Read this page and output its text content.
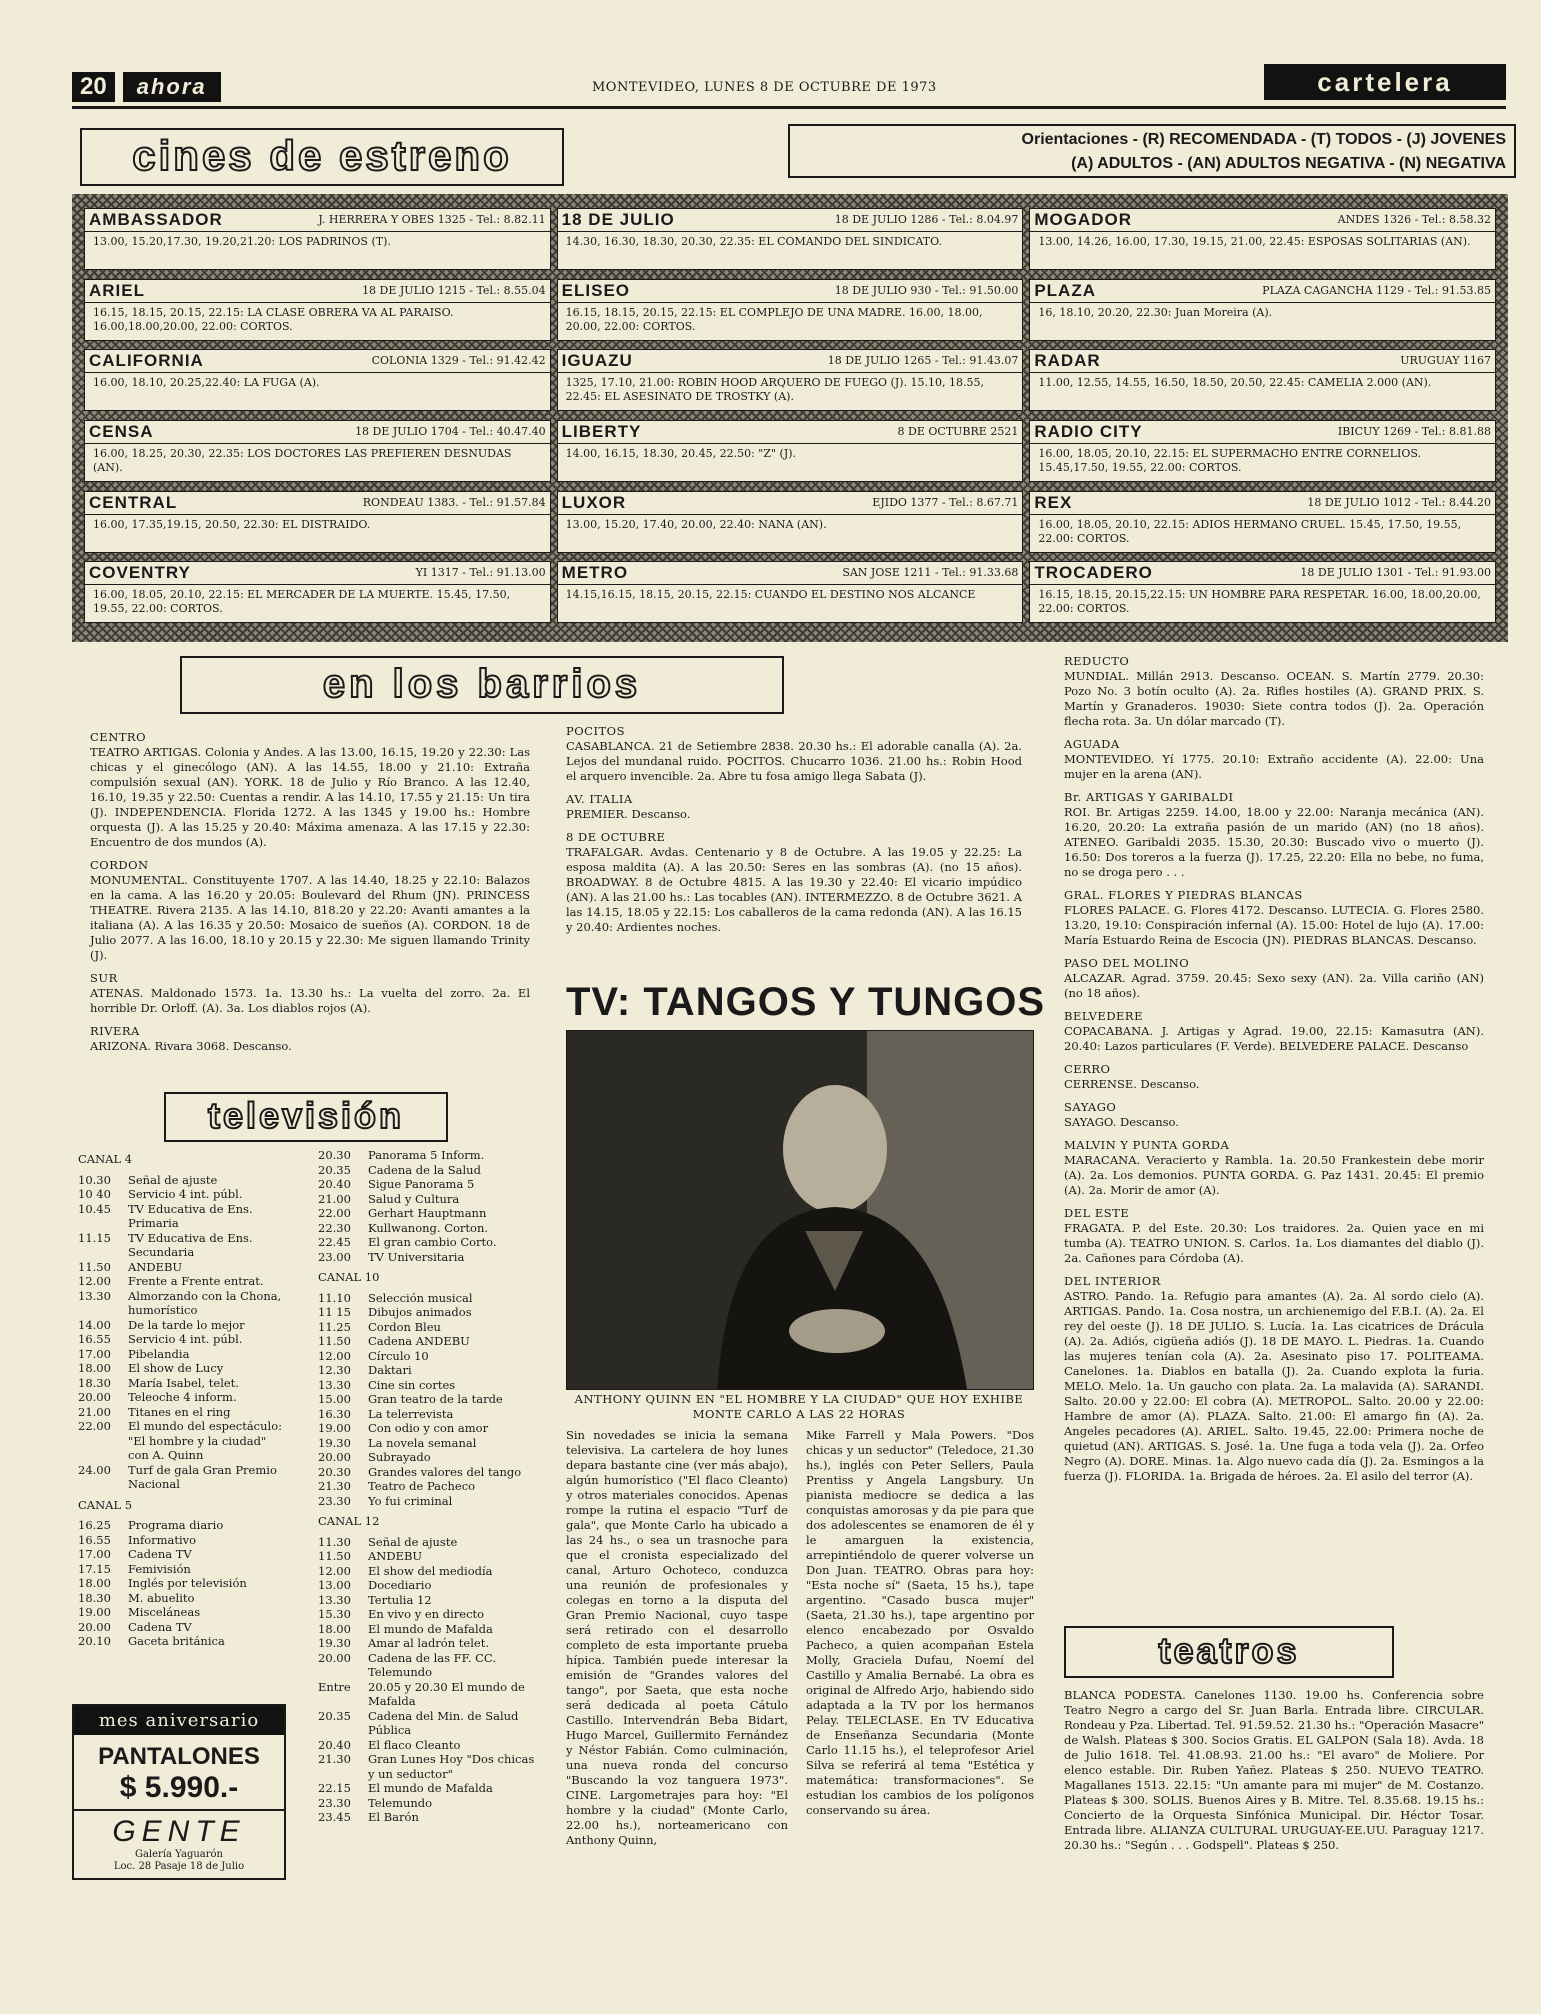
20	ahora	MONTEVIDEO, LUNES 8 DE OCTUBRE DE 1973	cartelera
cines de estreno	Orientaciones - (R) RECOMENDADA - (T) TODOS - (J) JOVENES
(A) ADULTOS - (AN) ADULTOS NEGATIVA - (N) NEGATIVA
AMBASSADOR	J. HERRERA Y OBES 1325 - Tel.: 8.82.11
13.00, 15.20,17.30, 19.20,21.20: LOS PADRINOS (T).
18 DE JULIO	18 DE JULIO 1286 - Tel.: 8.04.97
14.30, 16.30, 18.30, 20.30, 22.35: EL COMANDO DEL SINDICATO.
MOGADOR	ANDES 1326 - Tel.: 8.58.32
13.00, 14.26, 16.00, 17.30, 19.15, 21.00, 22.45: ESPOSAS SOLITARIAS (AN).
ARIEL	18 DE JULIO 1215 - Tel.: 8.55.04
16.15, 18.15, 20.15, 22.15: LA CLASE OBRERA VA AL PARAISO. 16.00,18.00,20.00, 22.00: CORTOS.
ELISEO	18 DE JULIO 930 - Tel.: 91.50.00
16.15, 18.15, 20.15, 22.15: EL COMPLEJO DE UNA MADRE. 16.00, 18.00, 20.00, 22.00: CORTOS.
PLAZA	PLAZA CAGANCHA 1129 - Tel.: 91.53.85
16, 18.10, 20.20, 22.30: Juan Moreira (A).
CALIFORNIA	COLONIA 1329 - Tel.: 91.42.42
16.00, 18.10, 20.25,22.40: LA FUGA (A).
IGUAZU	18 DE JULIO 1265 - Tel.: 91.43.07
1325, 17.10, 21.00: ROBIN HOOD ARQUERO DE FUEGO (J). 15.10, 18.55, 22.45: EL ASESINATO DE TROSTKY (A).
RADAR	URUGUAY 1167
11.00, 12.55, 14.55, 16.50, 18.50, 20.50, 22.45: CAMELIA 2.000 (AN).
CENSA	18 DE JULIO 1704 - Tel.: 40.47.40
16.00, 18.25, 20.30, 22.35: LOS DOCTORES LAS PREFIEREN DESNUDAS (AN).
LIBERTY	8 DE OCTUBRE 2521
14.00, 16.15, 18.30, 20.45, 22.50: "Z" (J).
RADIO CITY	IBICUY 1269 - Tel.: 8.81.88
16.00, 18.05, 20.10, 22.15: EL SUPERMACHO ENTRE CORNELIOS. 15.45,17.50, 19.55, 22.00: CORTOS.
CENTRAL	RONDEAU 1383. - Tel.: 91.57.84
16.00, 17.35,19.15, 20.50, 22.30: EL DISTRAIDO.
LUXOR	EJIDO 1377 - Tel.: 8.67.71
13.00, 15.20, 17.40, 20.00, 22.40: NANA (AN).
REX	18 DE JULIO 1012 - Tel.: 8.44.20
16.00, 18.05, 20.10, 22.15: ADIOS HERMANO CRUEL. 15.45, 17.50, 19.55, 22.00: CORTOS.
COVENTRY	YI 1317 - Tel.: 91.13.00
16.00, 18.05, 20.10, 22.15: EL MERCADER DE LA MUERTE. 15.45, 17.50, 19.55, 22.00: CORTOS.
METRO	SAN JOSE 1211 - Tel.: 91.33.68
14.15,16.15, 18.15, 20.15, 22.15: CUANDO EL DESTINO NOS ALCANCE
TROCADERO	18 DE JULIO 1301 - Tel.: 91.93.00
16.15, 18.15, 20.15,22.15: UN HOMBRE PARA RESPETAR. 16.00, 18.00,20.00, 22.00: CORTOS.
en los barrios
CENTRO

TEATRO ARTIGAS. Colonia y Andes. A las 13.00, 16.15, 19.20 y 22.30: Las chicas y el ginecólogo (AN). A las 14.55, 18.00 y 21.10: Extraña compulsión sexual (AN). YORK. 18 de Julio y Río Branco. A las 12.40, 16.10, 19.35 y 22.50: Cuentas a rendir. A las 14.10, 17.55 y 21.15: Un tira (J). INDEPENDENCIA. Florida 1272. A las 1345 y 19.00 hs.: Hombre orquesta (J). A las 15.25 y 20.40: Máxima amenaza. A las 17.15 y 22.30: Encuentro de dos mundos (A).

CORDON

MONUMENTAL. Constituyente 1707. A las 14.40, 18.25 y 22.10: Balazos en la cama. A las 16.20 y 20.05: Boulevard del Rhum (JN). PRINCESS THEATRE. Rivera 2135. A las 14.10, 818.20 y 22.20: Avanti amantes a la italiana (A). A las 16.35 y 20.50: Mosaico de sueños (A). CORDON. 18 de Julio 2077. A las 16.00, 18.10 y 20.15 y 22.30: Me siguen llamando Trinity (J).

SUR

ATENAS. Maldonado 1573. 1a. 13.30 hs.: La vuelta del zorro. 2a. El horrible Dr. Orloff. (A). 3a. Los diablos rojos (A).

RIVERA

ARIZONA. Rivara 3068. Descanso.

POCITOS

CASABLANCA. 21 de Setiembre 2838. 20.30 hs.: El adorable canalla (A). 2a. Lejos del mundanal ruido. POCITOS. Chucarro 1036. 21.00 hs.: Robin Hood el arquero invencible. 2a. Abre tu fosa amigo llega Sabata (J).

AV. ITALIA

PREMIER. Descanso.

8 DE OCTUBRE

TRAFALGAR. Avdas. Centenario y 8 de Octubre. A las 19.05 y 22.25: La esposa maldita (A). A las 20.50: Seres en las sombras (A). (no 15 años). BROADWAY. 8 de Octubre 4815. A las 19.30 y 22.40: El vicario impúdico (AN). A las 21.00 hs.: Las tocables (AN). INTERMEZZO. 8 de Octubre 3621. A las 14.15, 18.05 y 22.15: Los caballeros de la cama redonda (AN). A las 16.15 y 20.40: Ardientes noches.

REDUCTO

MUNDIAL. Millán 2913. Descanso. OCEAN. S. Martín 2779. 20.30: Pozo No. 3 botín oculto (A). 2a. Rifles hostiles (A). GRAND PRIX. S. Martín y Granaderos. 19030: Siete contra todos (J). 2a. Operación flecha rota. 3a. Un dólar marcado (T).

AGUADA

MONTEVIDEO. Yí 1775. 20.10: Extraño accidente (A). 22.00: Una mujer en la arena (AN).

Br. ARTIGAS Y GARIBALDI

ROI. Br. Artigas 2259. 14.00, 18.00 y 22.00: Naranja mecánica (AN). 16.20, 20.20: La extraña pasión de un marido (AN) (no 18 años). ATENEO. Garibaldi 2035. 15.30, 20.30: Buscado vivo o muerto (J). 16.50: Dos toreros a la fuerza (J). 17.25, 22.20: Ella no bebe, no fuma, no se droga pero . . .

GRAL. FLORES Y PIEDRAS BLANCAS

FLORES PALACE. G. Flores 4172. Descanso. LUTECIA. G. Flores 2580. 13.20, 19.10: Conspiración infernal (A). 15.00: Hotel de lujo (A). 17.00: María Estuardo Reina de Escocia (JN). PIEDRAS BLANCAS. Descanso.

PASO DEL MOLINO

ALCAZAR. Agrad. 3759. 20.45: Sexo sexy (AN). 2a. Villa cariño (AN) (no 18 años).

BELVEDERE

COPACABANA. J. Artigas y Agrad. 19.00, 22.15: Kamasutra (AN). 20.40: Lazos particulares (F. Verde). BELVEDERE PALACE. Descanso

CERRO

CERRENSE. Descanso.

SAYAGO

SAYAGO. Descanso.

MALVIN Y PUNTA GORDA

MARACANA. Veracierto y Rambla. 1a. 20.50 Frankestein debe morir (A). 2a. Los demonios. PUNTA GORDA. G. Paz 1431. 20.45: El premio (A). 2a. Morir de amor (A).

DEL ESTE

FRAGATA. P. del Este. 20.30: Los traidores. 2a. Quien yace en mi tumba (A). TEATRO UNION. S. Carlos. 1a. Los diamantes del diablo (J). 2a. Cañones para Córdoba (A).

DEL INTERIOR

ASTRO. Pando. 1a. Refugio para amantes (A). 2a. Al sordo cielo (A). ARTIGAS. Pando. 1a. Cosa nostra, un archienemigo del F.B.I. (A). 2a. El rey del oeste (J). 18 DE JULIO. S. Lucía. 1a. Las cicatrices de Drácula (A). 2a. Adiós, cigüeña adiós (J). 18 DE MAYO. L. Piedras. 1a. Cuando las mujeres tenían cola (A). 2a. Asesinato piso 17. POLITEAMA. Canelones. 1a. Diablos en batalla (J). 2a. Cuando explota la furia. MELO. Melo. 1a. Un gaucho con plata. 2a. La malavida (A). SARANDI. Salto. 20.00 y 22.00: El cobra (A). METROPOL. Salto. 20.00 y 22.00: Hambre de amor (A). PLAZA. Salto. 21.00: El amargo fin (A). 2a. Angeles pecadores (A). ARIEL. Salto. 19.45, 22.00: Primera noche de quietud (AN). ARTIGAS. S. José. 1a. Une fuga a toda vela (J). 2a. Orfeo Negro (A). DORE. Minas. 1a. Algo nuevo cada día (J). 2a. Esmingos a la fuerza (J). FLORIDA. 1a. Brigada de héroes. 2a. El asilo del terror (A).

televisión
CANAL 4
10.30	Señal de ajuste
10 40	Servicio 4 int. públ.
10.45	TV Educativa de Ens. Primaria
11.15	TV Educativa de Ens. Secundaria
11.50	ANDEBU
12.00	Frente a Frente entrat.
13.30	Almorzando con la Chona, humorístico
14.00	De la tarde lo mejor
16.55	Servicio 4 int. públ.
17.00	Pibelandia
18.00	El show de Lucy
18.30	María Isabel, telet.
20.00	Teleoche 4 inform.
21.00	Titanes en el ring
22.00	El mundo del espectáculo: "El hombre y la ciudad" con A. Quinn
24.00	Turf de gala Gran Premio Nacional
CANAL 5
16.25	Programa diario
16.55	Informativo
17.00	Cadena TV
17.15	Femivisión
18.00	Inglés por televisión
18.30	M. abuelito
19.00	Misceláneas
20.00	Cadena TV
20.10	Gaceta británica
20.30	Panorama 5 Inform.
20.35	Cadena de la Salud
20.40	Sigue Panorama 5
21.00	Salud y Cultura
22.00	Gerhart Hauptmann
22.30	Kullwanong. Corton.
22.45	El gran cambio Corto.
23.00	TV Universitaria
CANAL 10
11.10	Selección musical
11 15	Dibujos animados
11.25	Cordon Bleu
11.50	Cadena ANDEBU
12.00	Círculo 10
12.30	Daktari
13.30	Cine sin cortes
15.00	Gran teatro de la tarde
16.30	La telerrevista
19.00	Con odio y con amor
19.30	La novela semanal
20.00	Subrayado
20.30	Grandes valores del tango
21.30	Teatro de Pacheco
23.30	Yo fui criminal
CANAL 12
11.30	Señal de ajuste
11.50	ANDEBU
12.00	El show del mediodía
13.00	Docediario
13.30	Tertulia 12
15.30	En vivo y en directo
18.00	El mundo de Mafalda
19.30	Amar al ladrón telet.
20.00	Cadena de las FF. CC. Telemundo
Entre	20.05 y 20.30 El mundo de Mafalda
20.35	Cadena del Min. de Salud Pública
20.40	El flaco Cleanto
21.30	Gran Lunes Hoy "Dos chicas y un seductor"
22.15	El mundo de Mafalda
23.30	Telemundo
23.45	El Barón
mes aniversario
PANTALONES
$ 5.990.-
GENTE
Galería Yaguarón
Loc. 28 Pasaje 18 de Julio
TV: TANGOS Y TUNGOS
ANTHONY QUINN EN "EL HOMBRE Y LA CIUDAD" QUE HOY EXHIBE MONTE CARLO A LAS 22 HORAS
Sin novedades se inicia la semana televisiva. La cartelera de hoy lunes depara bastante cine (ver más abajo), algún humorístico ("El flaco Cleanto) y otros materiales conocidos. Apenas rompe la rutina el espacio "Turf de gala", que Monte Carlo ha ubicado a las 24 hs., o sea un trasnoche para que el cronista especializado del canal, Arturo Ochoteco, conduzca una reunión de profesionales y colegas en torno a la disputa del Gran Premio Nacional, cuyo taspe será retirado con el desarrollo completo de esta importante prueba hípica. También puede interesar la emisión de "Grandes valores del tango", por Saeta, que esta noche será dedicada al poeta Cátulo Castillo. Intervendrán Beba Bidart, Hugo Marcel, Guillermito Fernández y Néstor Fabián. Como culminación, una nueva ronda del concurso "Buscando la voz tanguera 1973". CINE. Largometrajes para hoy: "El hombre y la ciudad" (Monte Carlo, 22.00 hs.), norteamericano con Anthony Quinn,
Mike Farrell y Mala Powers. "Dos chicas y un seductor" (Teledoce, 21.30 hs.), inglés con Peter Sellers, Paula Prentiss y Angela Langsbury. Un pianista mediocre se dedica a las conquistas amorosas y da pie para que dos adolescentes se enamoren de él y le amarguen la existencia, arrepintiéndolo de querer volverse un Don Juan. TEATRO. Obras para hoy: "Esta noche sí" (Saeta, 15 hs.), tape argentino. "Casado busca mujer" (Saeta, 21.30 hs.), tape argentino por elenco encabezado por Osvaldo Pacheco, a quien acompañan Estela Molly, Graciela Dufau, Noemí del Castillo y Amalia Bernabé. La obra es original de Alfredo Arjo, habiendo sido adaptada a la TV por los hermanos Pelay. TELECLASE. En TV Educativa de Enseñanza Secundaria (Monte Carlo 11.15 hs.), el teleprofesor Ariel Silva se referirá al tema "Estética y matemática: transformaciones". Se estudian los cambios de los polígonos conservando su área.
teatros
BLANCA PODESTA. Canelones 1130. 19.00 hs. Conferencia sobre Teatro Negro a cargo del Sr. Juan Barla. Entrada libre. CIRCULAR. Rondeau y Pza. Libertad. Tel. 91.59.52. 21.30 hs.: "Operación Masacre" de Walsh. Plateas $ 300. Socios Gratis. EL GALPON (Sala 18). Avda. 18 de Julio 1618. Tel. 41.08.93. 21.00 hs.: "El avaro" de Moliere. Por elenco estable. Dir. Ruben Yañez. Plateas $ 250. NUEVO TEATRO. Magallanes 1513. 22.15: "Un amante para mi mujer" de M. Costanzo. Plateas $ 300. SOLIS. Buenos Aires y B. Mitre. Tel. 8.35.68. 19.15 hs.: Concierto de la Orquesta Sinfónica Municipal. Dir. Héctor Tosar. Entrada libre. ALIANZA CULTURAL URUGUAY-EE.UU. Paraguay 1217. 20.30 hs.: "Según . . . Godspell". Plateas $ 250.
